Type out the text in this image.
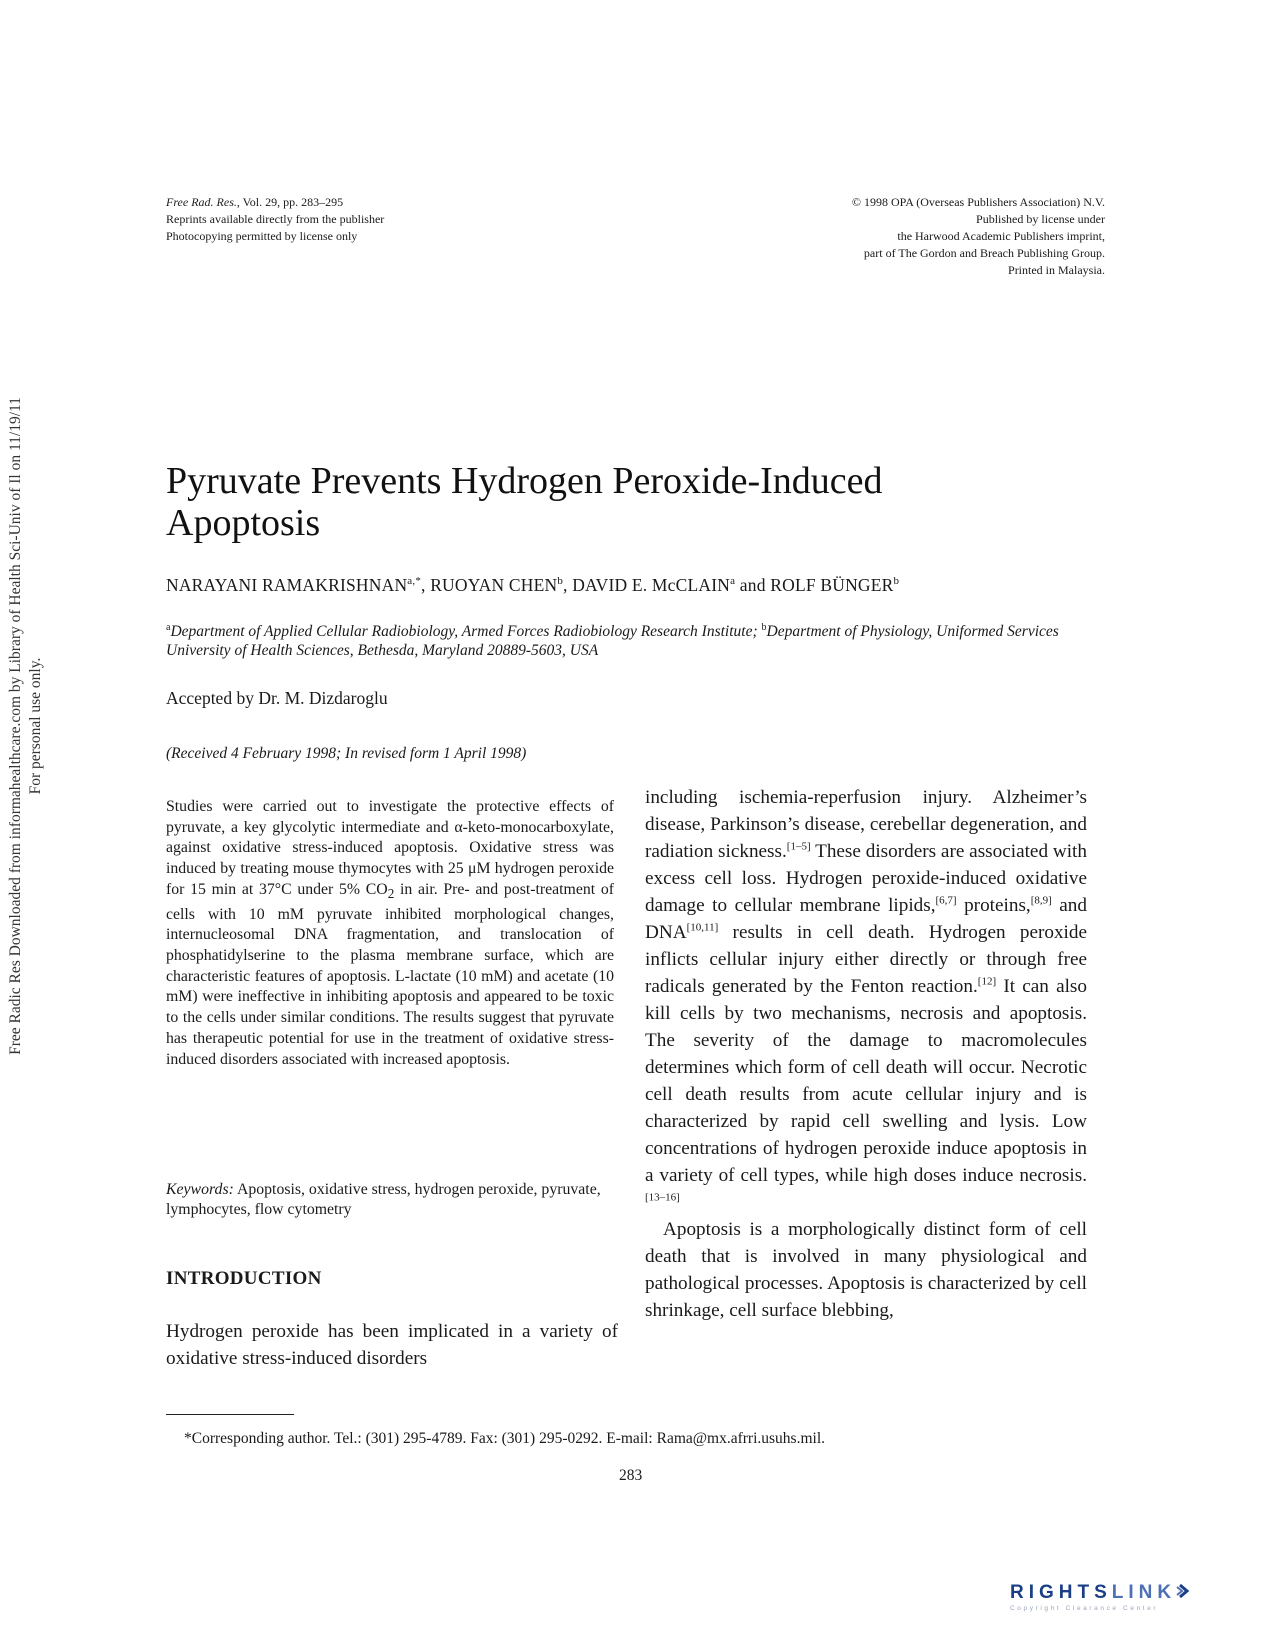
Free Radic Res Downloaded from informahealthcare.com by Library of Health Sci-Univ of Il on 11/19/11 For personal use only.
Free Rad. Res., Vol. 29, pp. 283–295
Reprints available directly from the publisher
Photocopying permitted by license only
© 1998 OPA (Overseas Publishers Association) N.V.
Published by license under
the Harwood Academic Publishers imprint,
part of The Gordon and Breach Publishing Group.
Printed in Malaysia.
Pyruvate Prevents Hydrogen Peroxide-Induced
Apoptosis
NARAYANI $RAMAKRISHNAN^{a,*}$, RUOYAN CHEN$^b$, DAVID E. McCLAIN$^a$ and ROLF BÜNGER$^b$
$^a$Department of Applied Cellular Radiobiology, Armed Forces Radiobiology Research Institute; $^b$Department of Physiology, Uniformed Services University of Health Sciences, Bethesda, Maryland 20889-5603, USA
Accepted by Dr. M. Dizdaroglu
(Received 4 February 1998; In revised form 1 April 1998)

Studies were carried out to investigate the protective effects of pyruvate, a key glycolytic intermediate and α-keto-monocarboxylate, against oxidative stress-induced apoptosis. Oxidative stress was induced by treating mouse thymocytes with 25 μM hydrogen peroxide for 15 min at 37°C under 5% $CO_2$ in air. Pre- and post-treatment of cells with 10 mM pyruvate inhibited morphological changes, internucleosomal DNA fragmentation, and translocation of phosphatidylserine to the plasma membrane surface, which are characteristic features of apoptosis. L-lactate (10 mM) and acetate (10 mM) were ineffective in inhibiting apoptosis and appeared to be toxic to the cells under similar conditions. The results suggest that pyruvate has therapeutic potential for use in the treatment of oxidative stress-induced disorders associated with increased apoptosis.

Keywords: Apoptosis, oxidative stress, hydrogen peroxide, pyruvate, lymphocytes, flow cytometry

INTRODUCTION

Hydrogen peroxide has been implicated in a variety of oxidative stress-induced disorders

including ischemia-reperfusion injury. Alzheimer’s disease, Parkinson’s disease, cerebellar degeneration, and radiation sickness.[1–5] These disorders are associated with excess cell loss. Hydrogen peroxide-induced oxidative damage to cellular membrane lipids,[6,7] proteins,[8,9] and DNA[10,11] results in cell death. Hydrogen peroxide inflicts cellular injury either directly or through free radicals generated by the Fenton reaction.[12] It can also kill cells by two mechanisms, necrosis and apoptosis. The severity of the damage to macromolecules determines which form of cell death will occur. Necrotic cell death results from acute cellular injury and is characterized by rapid cell swelling and lysis. Low concentrations of hydrogen peroxide induce apoptosis in a variety of cell types, while high doses induce necrosis.[13–16]

Apoptosis is a morphologically distinct form of cell death that is involved in many physiological and pathological processes. Apoptosis is characterized by cell shrinkage, cell surface blebbing,

*Corresponding author. Tel.: (301) 295-4789. Fax: (301) 295-0292. E-mail: Rama@mx.afrri.usuhs.mil.
283
RIGHTSLINK
Copyright Clearance Center
